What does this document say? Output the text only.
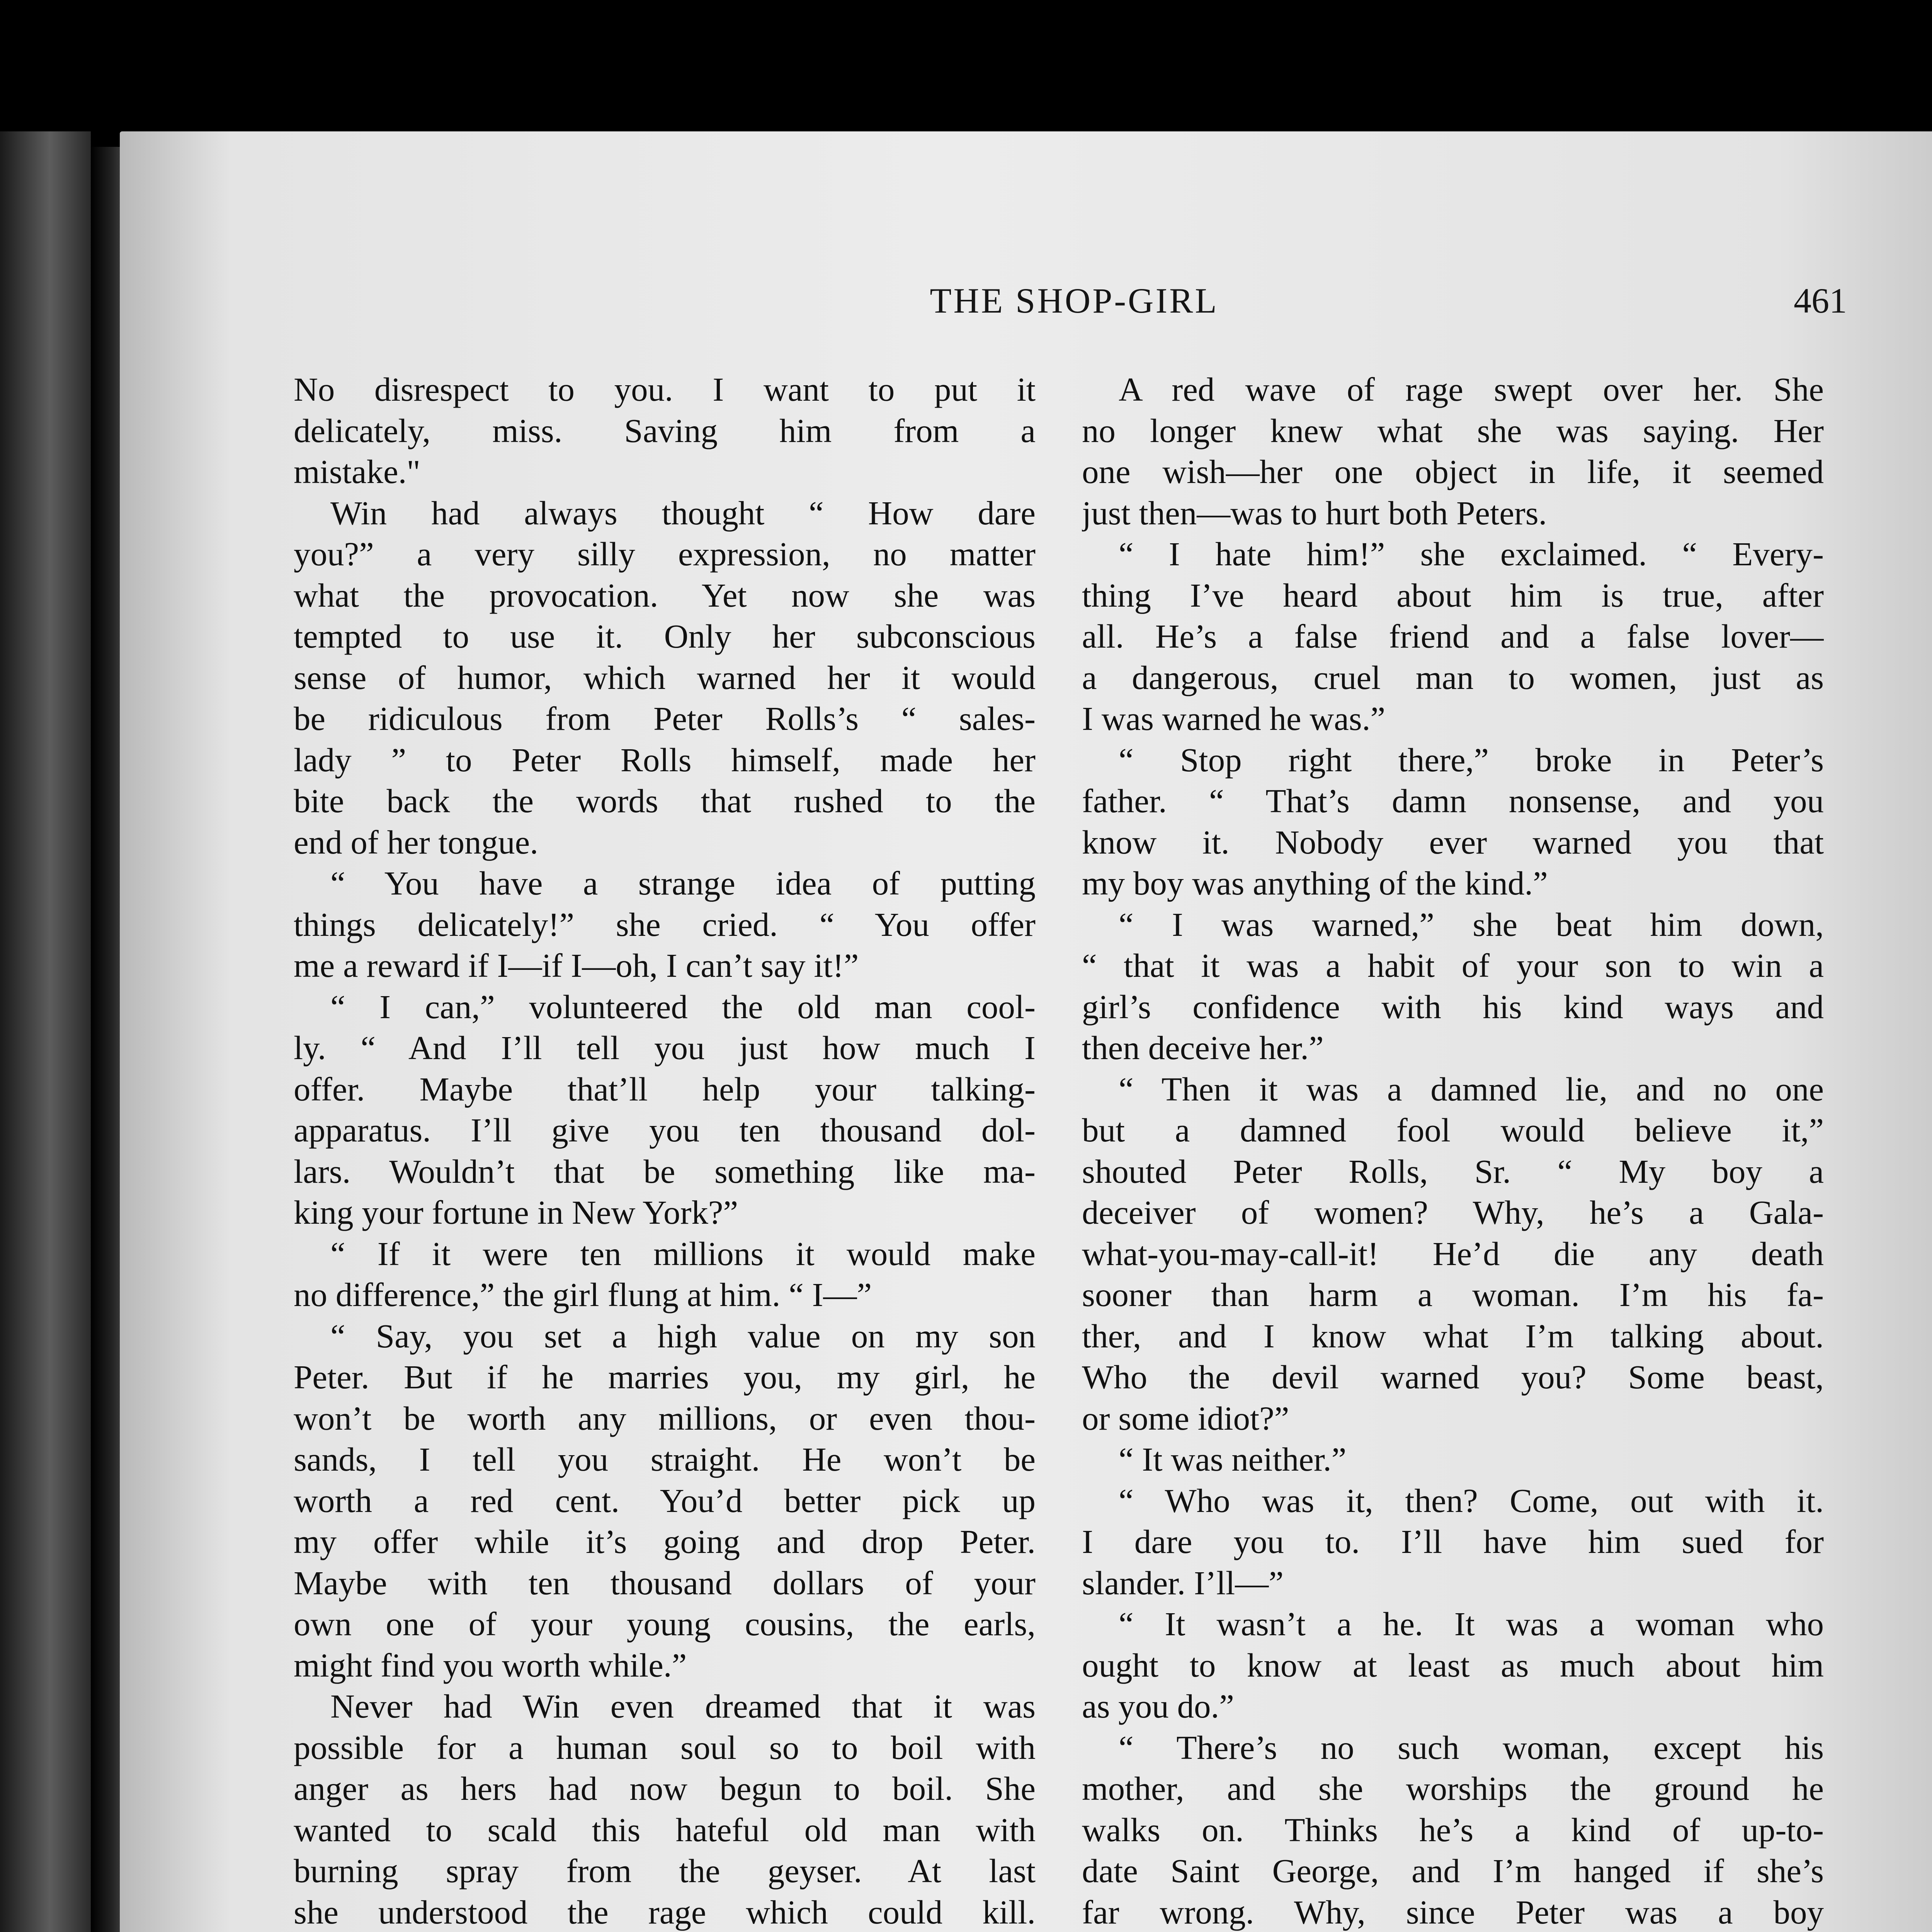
THE SHOP-GIRL	461
No disrespect to you. I want to put it
delicately, miss. Saving him from a
mistake."
Win had always thought “ How dare
you?” a very silly expression, no matter
what the provocation. Yet now she was
tempted to use it. Only her subconscious
sense of humor, which warned her it would
be ridiculous from Peter Rolls’s “ sales-
lady ” to Peter Rolls himself, made her
bite back the words that rushed to the
end of her tongue.
“ You have a strange idea of putting
things delicately!” she cried. “ You offer
me a reward if I—if I—oh, I can’t say it!”
“ I can,” volunteered the old man cool-
ly. “ And I’ll tell you just how much I
offer. Maybe that’ll help your talking-
apparatus. I’ll give you ten thousand dol-
lars. Wouldn’t that be something like ma-
king your fortune in New York?”
“ If it were ten millions it would make
no difference,” the girl flung at him. “ I—”
“ Say, you set a high value on my son
Peter. But if he marries you, my girl, he
won’t be worth any millions, or even thou-
sands, I tell you straight. He won’t be
worth a red cent. You’d better pick up
my offer while it’s going and drop Peter.
Maybe with ten thousand dollars of your
own one of your young cousins, the earls,
might find you worth while.”
Never had Win even dreamed that it was
possible for a human soul so to boil with
anger as hers had now begun to boil. She
wanted to scald this hateful old man with
burning spray from the geyser. At last
she understood the rage which could kill.
A red wave of rage swept over her. She
no longer knew what she was saying. Her
one wish—her one object in life, it seemed
just then—was to hurt both Peters.
“ I hate him!” she exclaimed. “ Every-
thing I’ve heard about him is true, after
all. He’s a false friend and a false lover—
a dangerous, cruel man to women, just as
I was warned he was.”
“ Stop right there,” broke in Peter’s
father. “ That’s damn nonsense, and you
know it. Nobody ever warned you that
my boy was anything of the kind.”
“ I was warned,” she beat him down,
“ that it was a habit of your son to win a
girl’s confidence with his kind ways and
then deceive her.”
“ Then it was a damned lie, and no one
but a damned fool would believe it,”
shouted Peter Rolls, Sr. “ My boy a
deceiver of women? Why, he’s a Gala-
what-you-may-call-it! He’d die any death
sooner than harm a woman. I’m his fa-
ther, and I know what I’m talking about.
Who the devil warned you? Some beast,
or some idiot?”
“ It was neither.”
“ Who was it, then? Come, out with it.
I dare you to. I’ll have him sued for
slander. I’ll—”
“ It wasn’t a he. It was a woman who
ought to know at least as much about him
as you do.”
“ There’s no such woman, except his
mother, and she worships the ground he
walks on. Thinks he’s a kind of up-to-
date Saint George, and I’m hanged if she’s
far wrong. Why, since Peter was a boy
